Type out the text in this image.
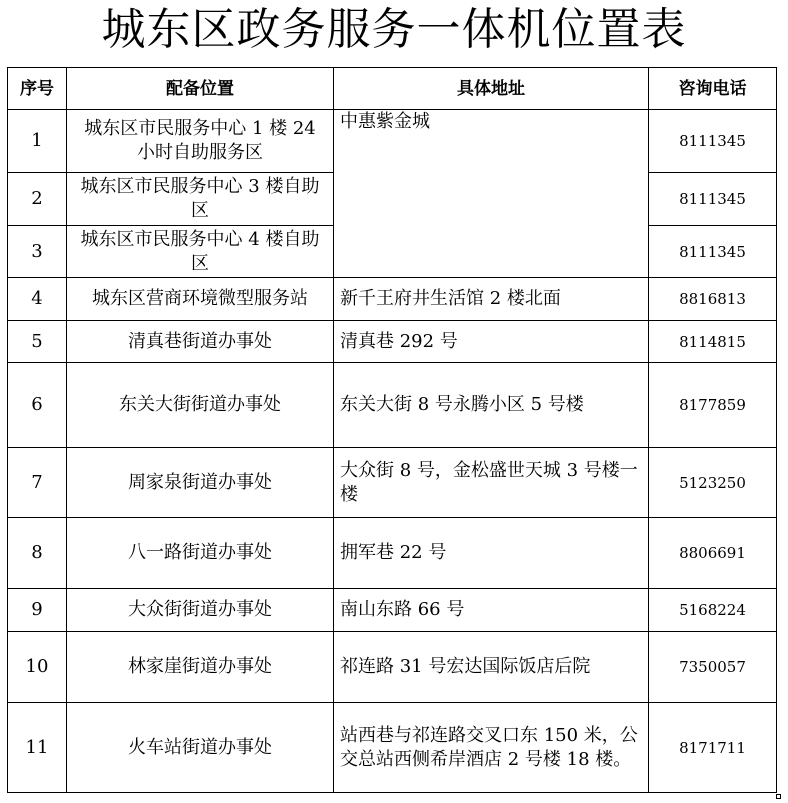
城东区政务服务一体机位置表
序号	配备位置	具体地址	咨询电话
1	城东区市民服务中心 1 楼 24 小时自助服务区	中惠紫金城	8111345
2	城东区市民服务中心 3 楼自助区		8111345
3	城东区市民服务中心 4 楼自助区		8111345
4	城东区营商环境微型服务站	新千王府井生活馆 2 楼北面	8816813
5	清真巷街道办事处	清真巷 292 号	8114815
6	东关大街街道办事处	东关大街 8 号永腾小区 5 号楼	8177859
7	周家泉街道办事处	大众街 8 号，金松盛世天城 3 号楼一楼	5123250
8	八一路街道办事处	拥军巷 22 号	8806691
9	大众街街道办事处	南山东路 66 号	5168224
10	林家崖街道办事处	祁连路 31 号宏达国际饭店后院	7350057
11	火车站街道办事处	站西巷与祁连路交叉口东 150 米，公交总站西侧希岸酒店 2 号楼 18 楼。	8171711
